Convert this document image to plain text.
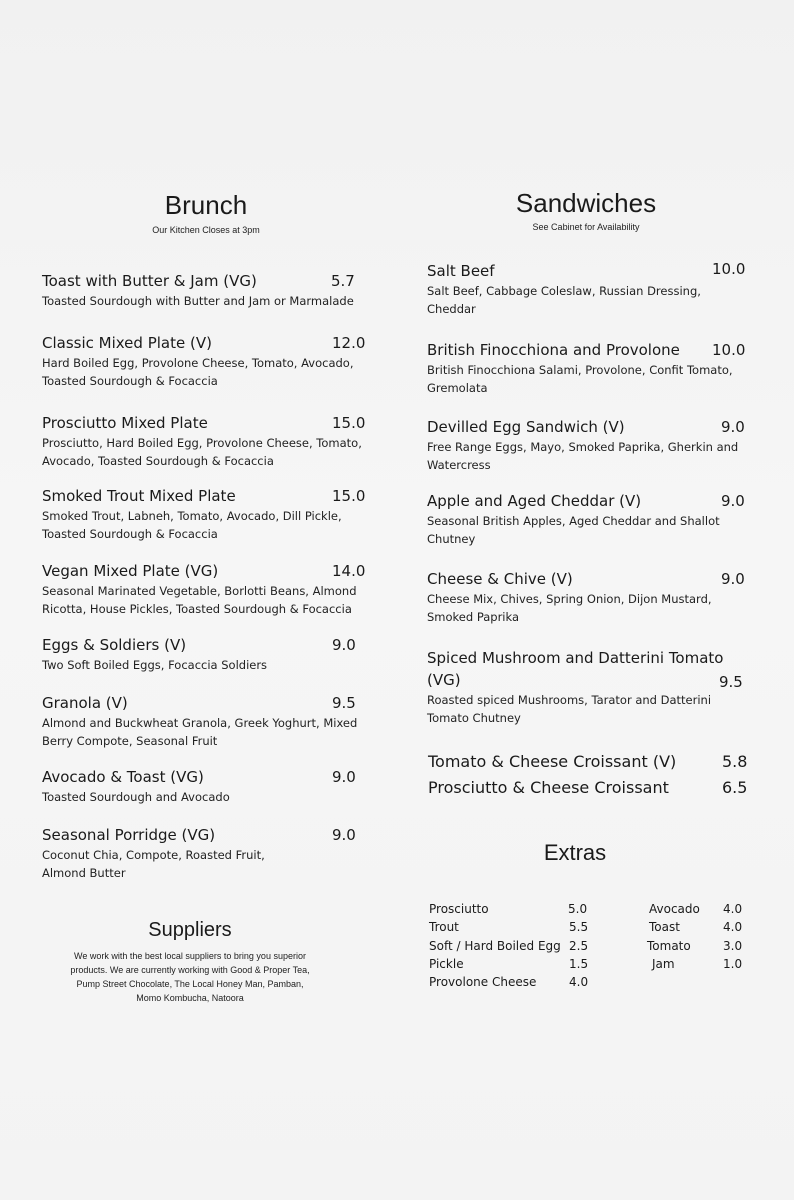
Brunch
Our Kitchen Closes at 3pm
Toast with Butter & Jam (VG)	5.7
Toasted Sourdough with Butter and Jam or Marmalade
Classic Mixed Plate (V)	12.0
Hard Boiled Egg, Provolone Cheese, Tomato, Avocado, Toasted Sourdough & Focaccia
Prosciutto Mixed Plate	15.0
Prosciutto, Hard Boiled Egg, Provolone Cheese, Tomato, Avocado, Toasted Sourdough & Focaccia
Smoked Trout Mixed Plate	15.0
Smoked Trout, Labneh, Tomato, Avocado, Dill Pickle, Toasted Sourdough & Focaccia
Vegan Mixed Plate (VG)	14.0
Seasonal Marinated Vegetable, Borlotti Beans, Almond Ricotta, House Pickles, Toasted Sourdough & Focaccia
Eggs & Soldiers (V)	9.0
Two Soft Boiled Eggs, Focaccia Soldiers
Granola (V)	9.5
Almond and Buckwheat Granola, Greek Yoghurt, Mixed Berry Compote, Seasonal Fruit
Avocado & Toast (VG)	9.0
Toasted Sourdough and Avocado
Seasonal Porridge (VG)	9.0
Coconut Chia, Compote, Roasted Fruit, Almond Butter
Suppliers
We work with the best local suppliers to bring you superior products. We are currently working with Good & Proper Tea, Pump Street Chocolate, The Local Honey Man, Pamban, Momo Kombucha, Natoora
Sandwiches
See Cabinet for Availability
Salt Beef	10.0
Salt Beef, Cabbage Coleslaw, Russian Dressing, Cheddar
British Finocchiona and Provolone	10.0
British Finocchiona Salami, Provolone, Confit Tomato, Gremolata
Devilled Egg Sandwich (V)	9.0
Free Range Eggs, Mayo, Smoked Paprika, Gherkin and Watercress
Apple and Aged Cheddar (V)	9.0
Seasonal British Apples, Aged Cheddar and Shallot Chutney
Cheese & Chive (V)	9.0
Cheese Mix, Chives, Spring Onion, Dijon Mustard, Smoked Paprika
Spiced Mushroom and Datterini Tomato
(VG)	9.5
Roasted spiced Mushrooms, Tarator and Datterini Tomato Chutney
Tomato & Cheese Croissant (V)	5.8
Prosciutto & Cheese Croissant	6.5
Extras
Prosciutto	5.0
Trout	5.5
Soft / Hard Boiled Egg 2.5
Pickle	1.5
Provolone Cheese	4.0
Avocado 4.0
Toast	4.0
Tomato	3.0
Jam	1.0
